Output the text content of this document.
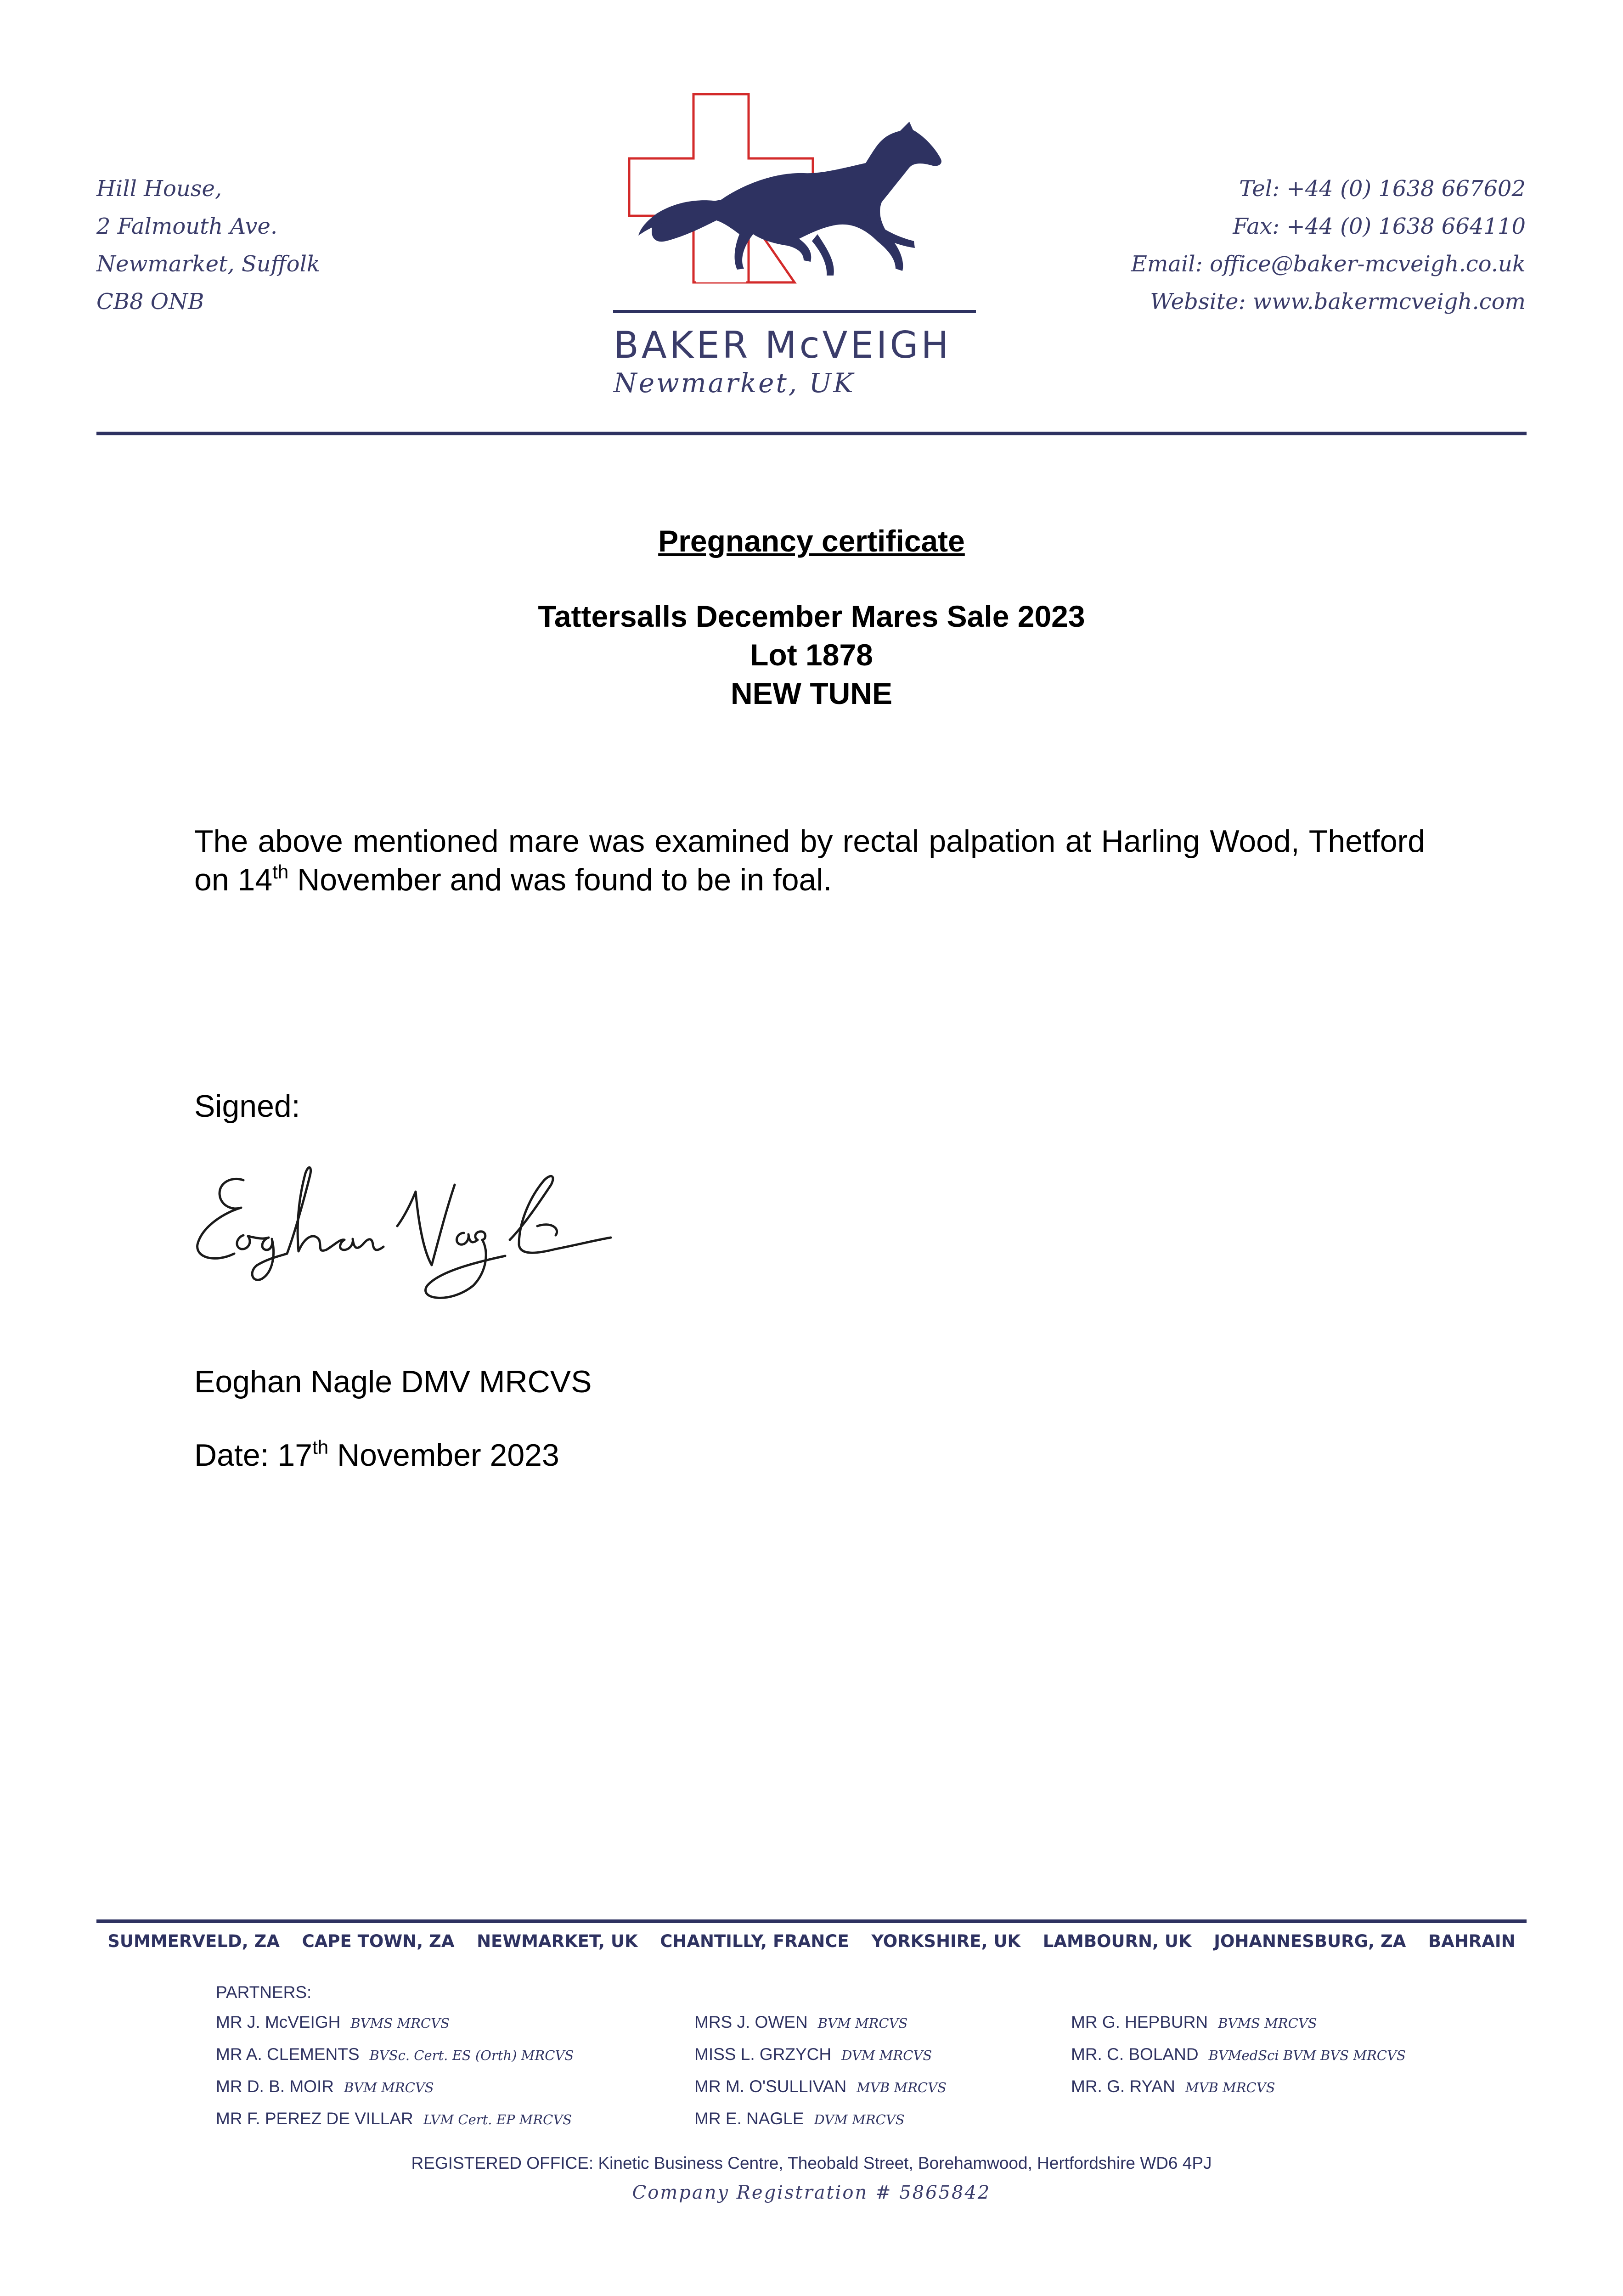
Hill House,
2 Falmouth Ave.
Newmarket, Suffolk
CB8 ONB
BAKER McVEIGH
Newmarket, UK
Tel: +44 (0) 1638 667602
Fax: +44 (0) 1638 664110
Email: office@baker-mcveigh.co.uk
Website: www.bakermcveigh.com
Pregnancy certificate
Tattersalls December Mares Sale 2023
Lot 1878
NEW TUNE
The above mentioned mare was examined by rectal palpation at Harling Wood, Thetford on 14th November and was found to be in foal.
Signed:
Eoghan Nagle DMV MRCVS
Date: 17th November 2023
SUMMERVELD, ZA CAPE TOWN, ZA NEWMARKET, UK CHANTILLY, FRANCE YORKSHIRE, UK LAMBOURN, UK JOHANNESBURG, ZA BAHRAIN
PARTNERS:
MR J. McVEIGH BVMS MRCVS
MR A. CLEMENTS BVSc. Cert. ES (Orth) MRCVS
MR D. B. MOIR BVM MRCVS
MR F. PEREZ DE VILLAR LVM Cert. EP MRCVS
MRS J. OWEN BVM MRCVS
MISS L. GRZYCH DVM MRCVS
MR M. O'SULLIVAN MVB MRCVS
MR E. NAGLE DVM MRCVS
MR G. HEPBURN BVMS MRCVS
MR. C. BOLAND BVMedSci BVM BVS MRCVS
MR. G. RYAN MVB MRCVS
REGISTERED OFFICE: Kinetic Business Centre, Theobald Street, Borehamwood, Hertfordshire WD6 4PJ
Company Registration # 5865842
